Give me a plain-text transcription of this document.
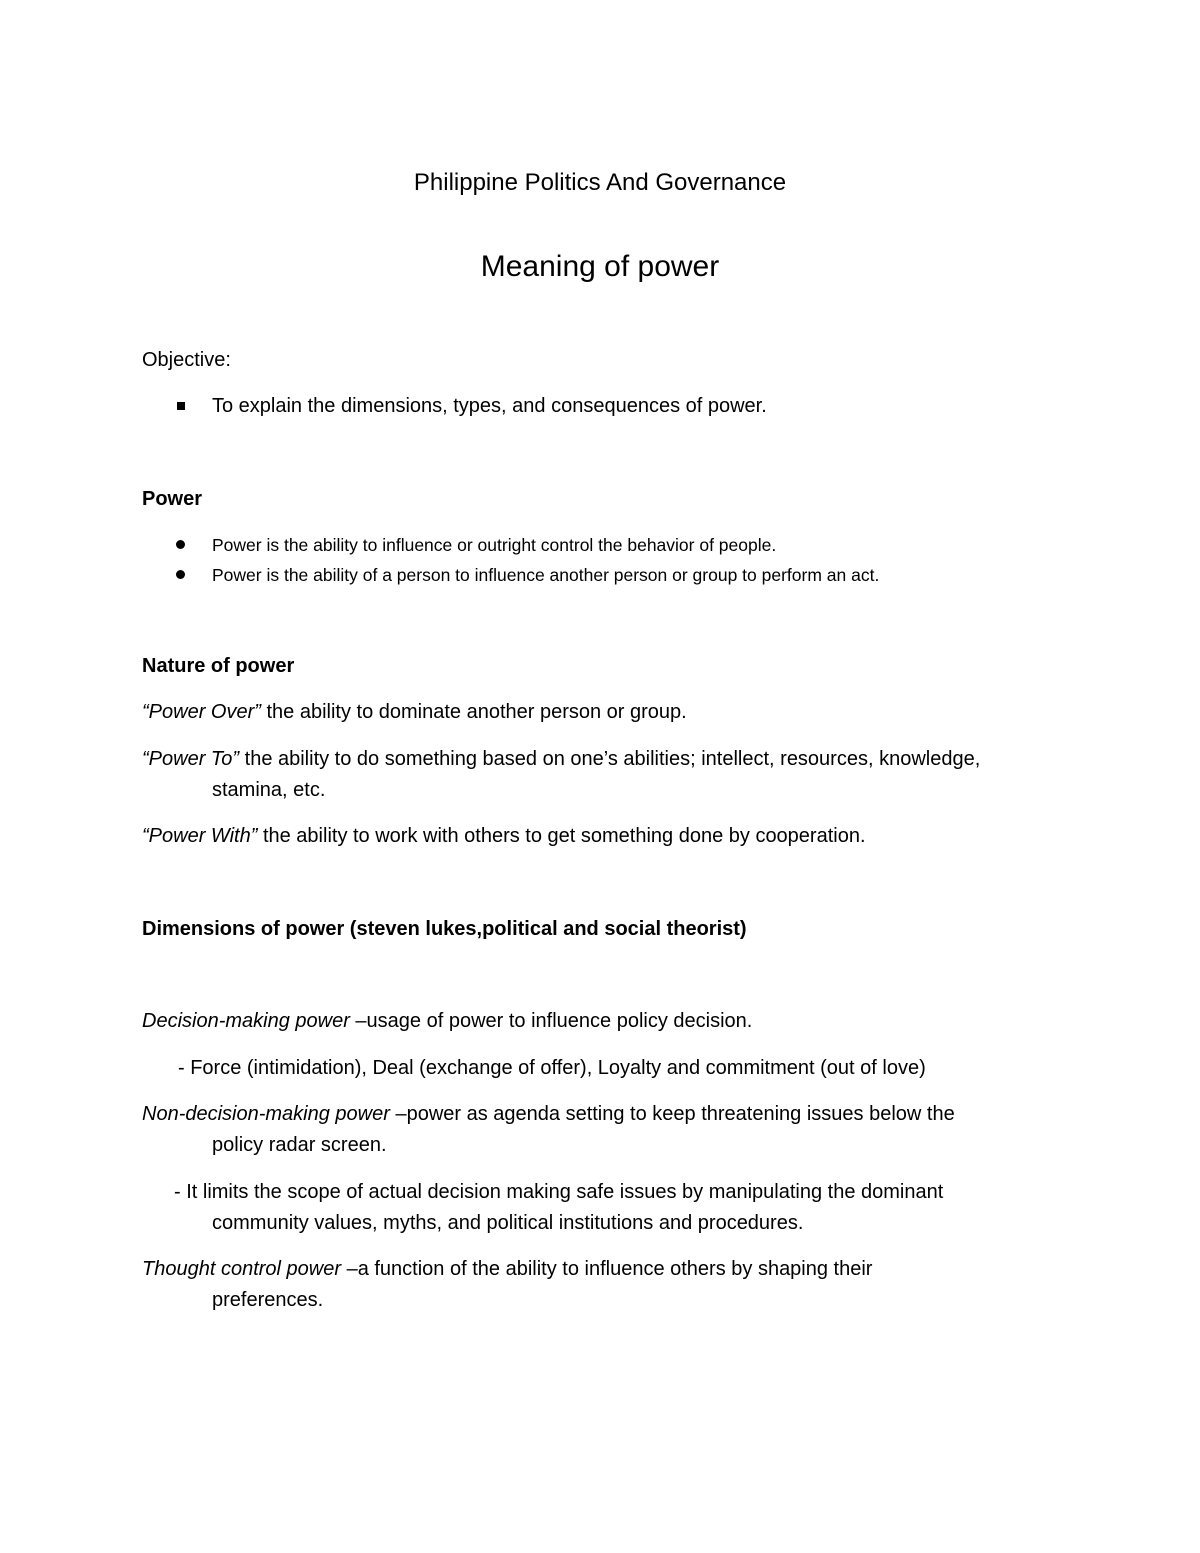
Philippine Politics And Governance
Meaning of power
Objective:
To explain the dimensions, types, and consequences of power.
Power
Power is the ability to influence or outright control the behavior of people.
Power is the ability of a person to influence another person or group to perform an act.
Nature of power
“Power Over” the ability to dominate another person or group.
“Power To” the ability to do something based on one’s abilities; intellect, resources, knowledge,
stamina, etc.
“Power With” the ability to work with others to get something done by cooperation.
Dimensions of power (steven lukes,political and social theorist)
Decision-making power –usage of power to influence policy decision.
- Force (intimidation), Deal (exchange of offer), Loyalty and commitment (out of love)
Non-decision-making power –power as agenda setting to keep threatening issues below the
policy radar screen.
- It limits the scope of actual decision making safe issues by manipulating the dominant
community values, myths, and political institutions and procedures.
Thought control power –a function of the ability to influence others by shaping their
preferences.
